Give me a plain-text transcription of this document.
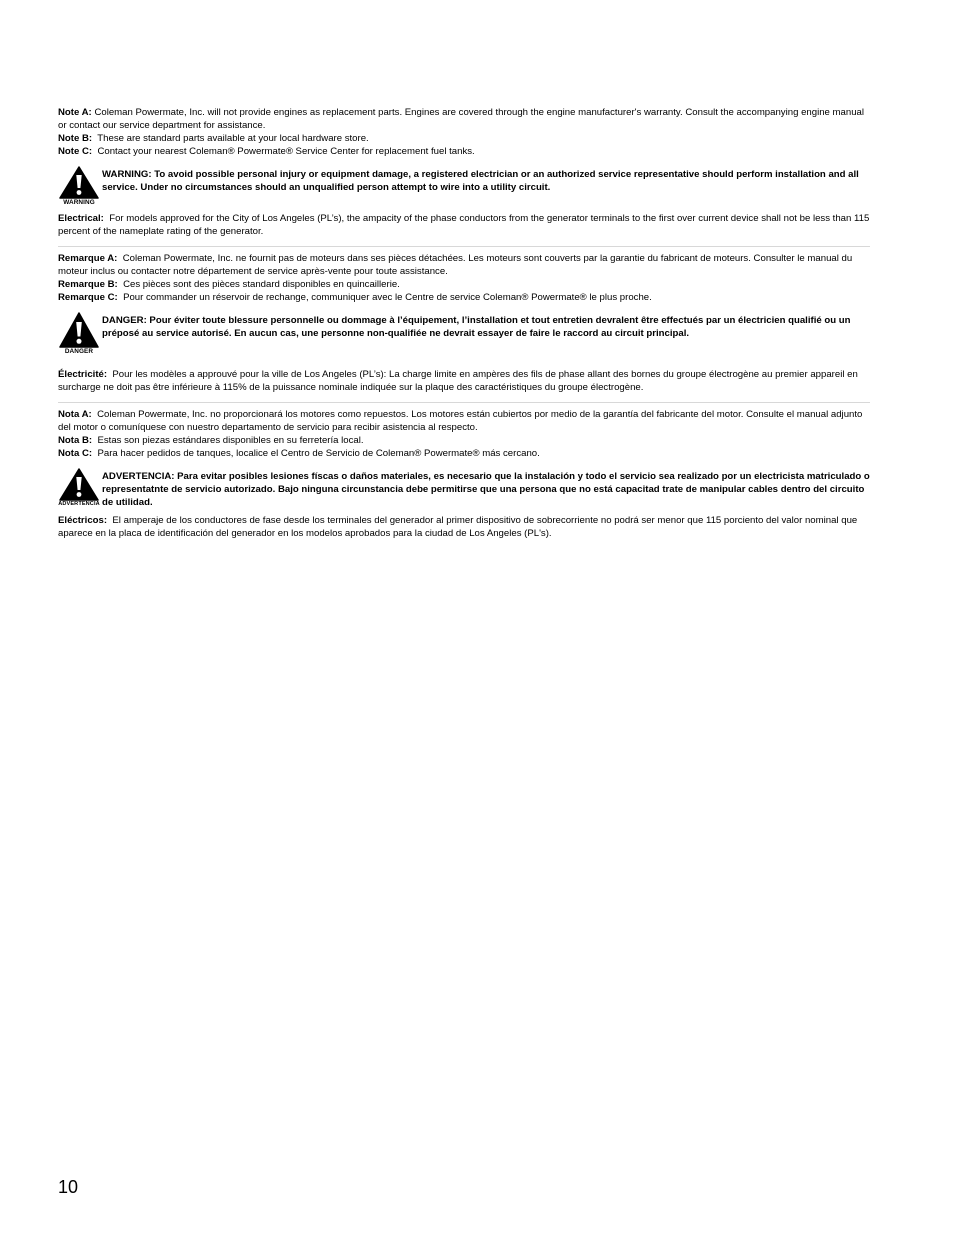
Note A: Coleman Powermate, Inc. will not provide engines as replacement parts. Engines are covered through the engine manufacturer's warranty. Consult the accompanying engine manual or contact our service department for assistance.

Note B: These are standard parts available at your local hardware store.

Note C: Contact your nearest Coleman® Powermate® Service Center for replacement fuel tanks.

WARNING

WARNING: To avoid possible personal injury or equipment damage, a registered electrician or an authorized service representative should perform installation and all service. Under no circumstances should an unqualified person attempt to wire into a utility circuit.

Electrical: For models approved for the City of Los Angeles (PL’s), the ampacity of the phase conductors from the generator terminals to the first over current device shall not be less than 115 percent of the nameplate rating of the generator.

Remarque A: Coleman Powermate, Inc. ne fournit pas de moteurs dans ses pièces détachées. Les moteurs sont couverts par la garantie du fabricant de moteurs. Consulter le manual du moteur inclus ou contacter notre département de service après-vente pour toute assistance.

Remarque B: Ces pièces sont des pièces standard disponibles en quincaillerie.

Remarque C: Pour commander un réservoir de rechange, communiquer avec le Centre de service Coleman® Powermate® le plus proche.

DANGER

DANGER: Pour éviter toute blessure personnelle ou dommage à l’équipement, l’installation et tout entretien devralent être effectués par un électricien qualifié ou un préposé au service autorisé. En aucun cas, une personne non-qualifiée ne devrait essayer de faire le raccord au circuit principal.

Électricité: Pour les modèles a approuvé pour la ville de Los Angeles (PL’s): La charge limite en ampères des fils de phase allant des bornes du groupe électrogène au premier appareil en surcharge ne doit pas être inférieure à 115% de la puissance nominale indiquée sur la plaque des caractéristiques du groupe électrogène.

Nota A: Coleman Powermate, Inc. no proporcionará los motores como repuestos. Los motores están cubiertos por medio de la garantía del fabricante del motor. Consulte el manual adjunto del motor o comuníquese con nuestro departamento de servicio para recibir asistencia al respecto.

Nota B: Estas son piezas estándares disponibles en su ferretería local.

Nota C: Para hacer pedidos de tanques, localice el Centro de Servicio de Coleman® Powermate® más cercano.

ADVERTENCIA

ADVERTENCIA: Para evitar posibles lesiones físcas o daños materiales, es necesario que la instalación y todo el servicio sea realizado por un electricista matriculado o representatnte de servicio autorizado. Bajo ninguna circunstancia debe permitirse que una persona que no está capacitad trate de manipular cables dentro del circuito de utilidad.

Eléctricos: El amperaje de los conductores de fase desde los terminales del generador al primer dispositivo de sobrecorriente no podrá ser menor que 115 porciento del valor nominal que aparece en la placa de identificación del generador en los modelos aprobados para la ciudad de Los Angeles (PL's).

10
